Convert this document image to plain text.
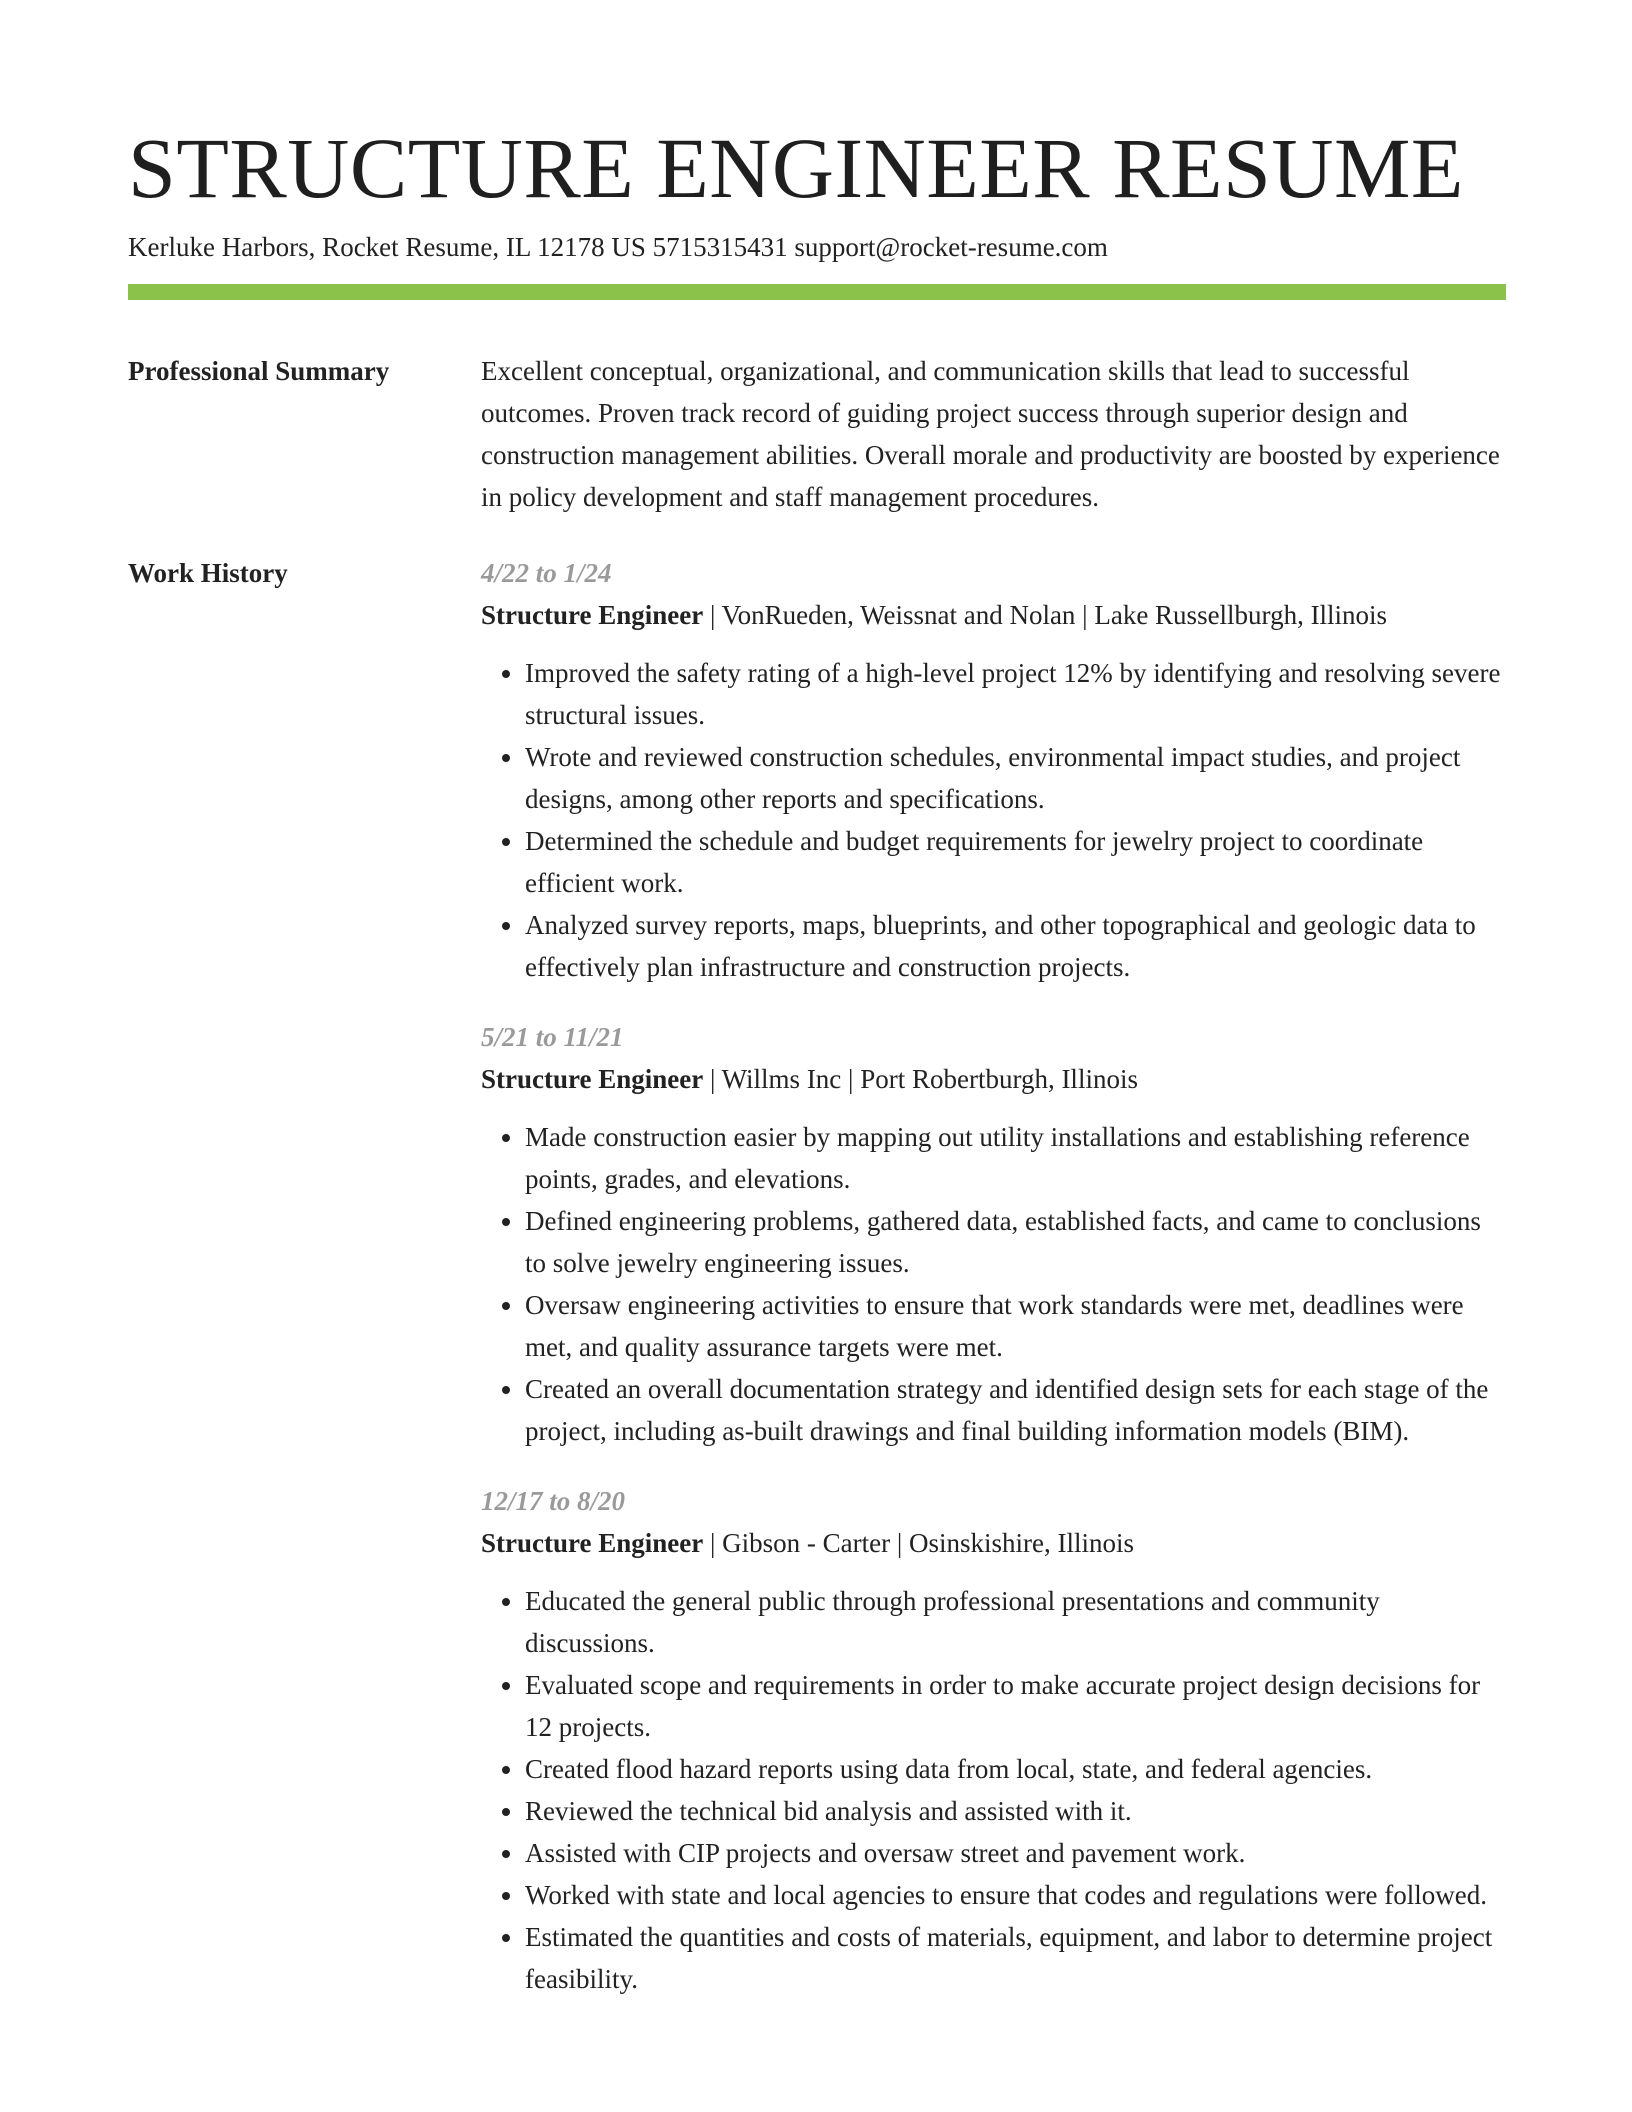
STRUCTURE ENGINEER RESUME
Kerluke Harbors, Rocket Resume, IL 12178 US 5715315431 support@rocket-resume.com
Professional Summary	Excellent conceptual, organizational, and communication skills that lead to successful outcomes. Proven track record of guiding project success through superior design and construction management abilities. Overall morale and productivity are boosted by experience in policy development and staff management procedures.
Work History	4/22 to 1/24
Structure Engineer | VonRueden, Weissnat and Nolan | Lake Russellburgh, Illinois
• Improved the safety rating of a high-level project 12% by identifying and resolving severe structural issues.
• Wrote and reviewed construction schedules, environmental impact studies, and project designs, among other reports and specifications.
• Determined the schedule and budget requirements for jewelry project to coordinate efficient work.
• Analyzed survey reports, maps, blueprints, and other topographical and geologic data to effectively plan infrastructure and construction projects.
5/21 to 11/21
Structure Engineer | Willms Inc | Port Robertburgh, Illinois
• Made construction easier by mapping out utility installations and establishing reference points, grades, and elevations.
• Defined engineering problems, gathered data, established facts, and came to conclusions to solve jewelry engineering issues.
• Oversaw engineering activities to ensure that work standards were met, deadlines were met, and quality assurance targets were met.
• Created an overall documentation strategy and identified design sets for each stage of the project, including as-built drawings and final building information models (BIM).
12/17 to 8/20
Structure Engineer | Gibson - Carter | Osinskishire, Illinois
• Educated the general public through professional presentations and community discussions.
• Evaluated scope and requirements in order to make accurate project design decisions for 12 projects.
• Created flood hazard reports using data from local, state, and federal agencies.
• Reviewed the technical bid analysis and assisted with it.
• Assisted with CIP projects and oversaw street and pavement work.
• Worked with state and local agencies to ensure that codes and regulations were followed.
• Estimated the quantities and costs of materials, equipment, and labor to determine project feasibility.
